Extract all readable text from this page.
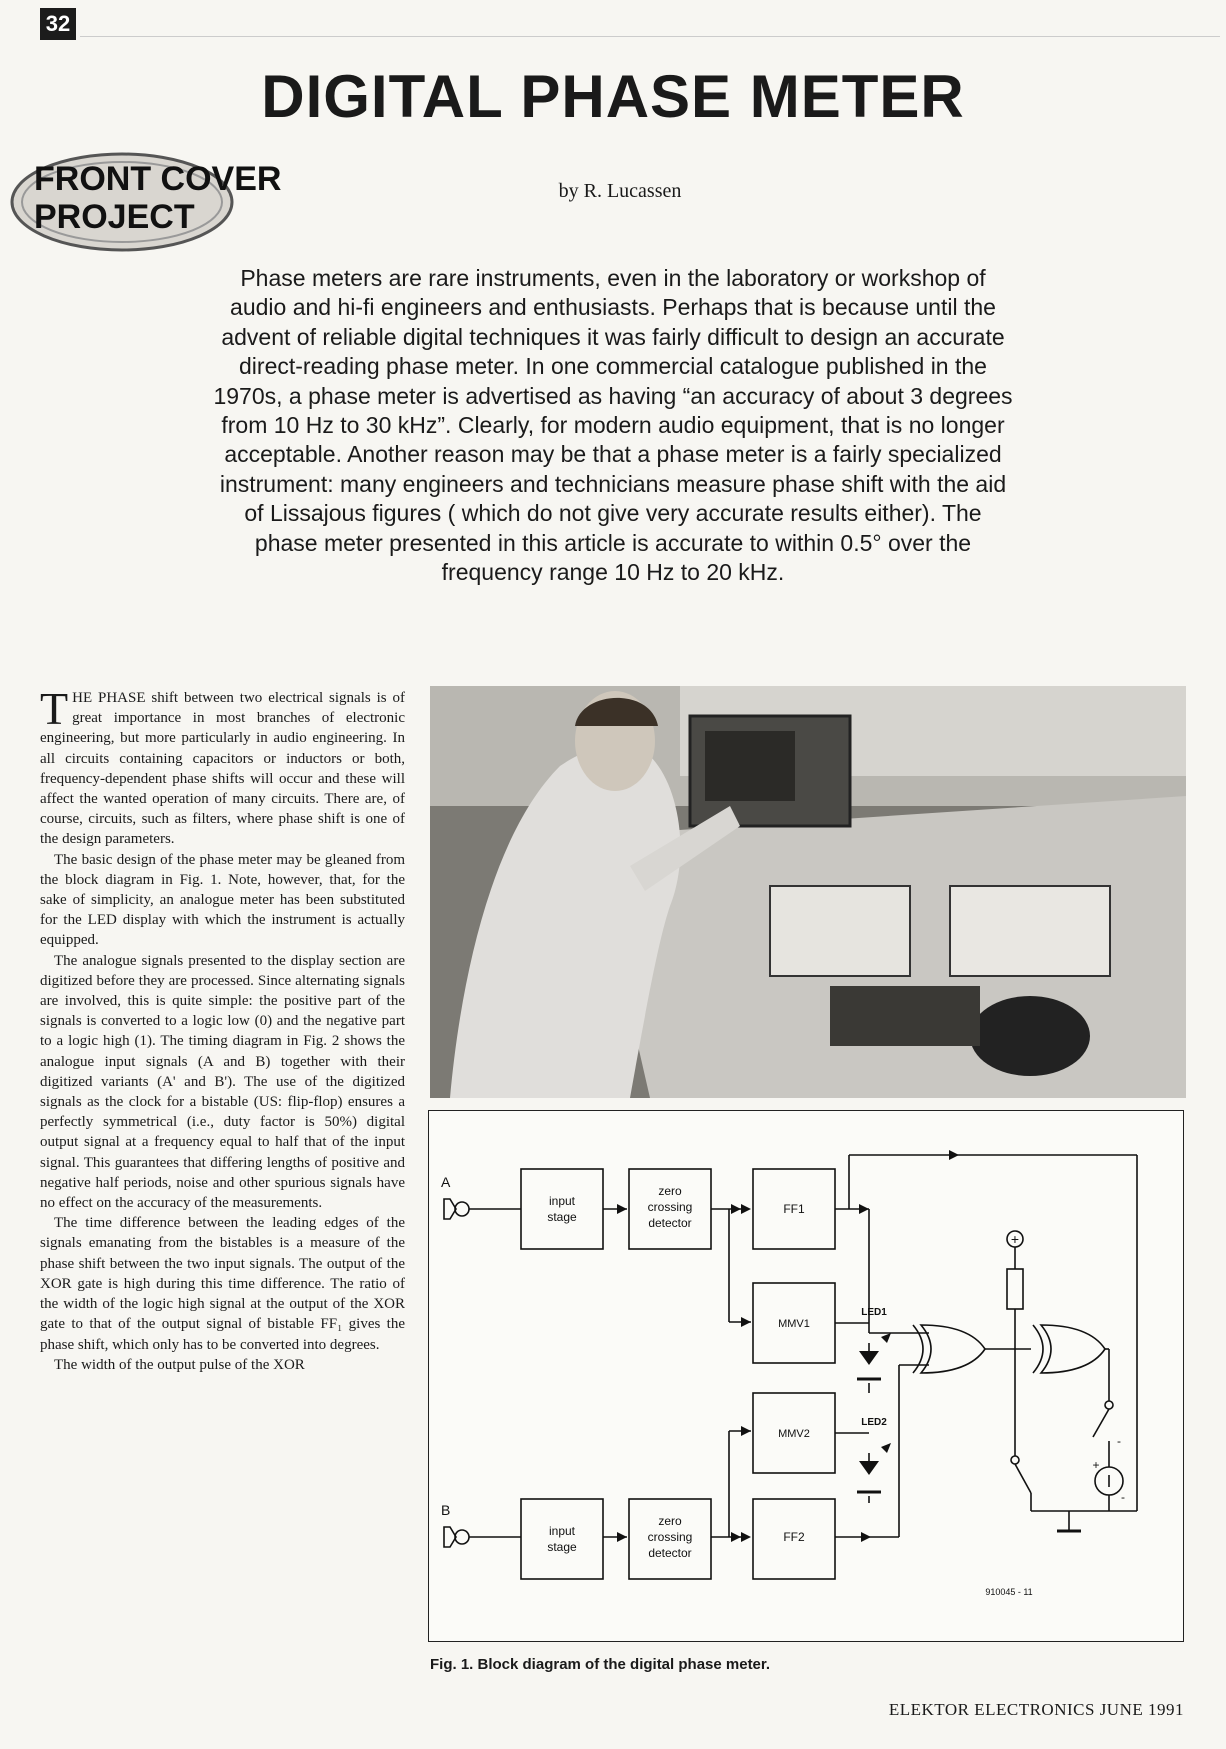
32
DIGITAL PHASE METER
FRONT COVER
PROJECT
by R. Lucassen
Phase meters are rare instruments, even in the laboratory or workshop of audio and hi-fi engineers and enthusiasts. Perhaps that is because until the advent of reliable digital techniques it was fairly difficult to design an accurate direct-reading phase meter. In one commercial catalogue published in the 1970s, a phase meter is advertised as having “an accuracy of about 3 degrees from 10 Hz to 30 kHz”. Clearly, for modern audio equipment, that is no longer acceptable. Another reason may be that a phase meter is a fairly specialized instrument: many engineers and technicians measure phase shift with the aid of Lissajous figures ( which do not give very accurate results either). The phase meter presented in this article is accurate to within 0.5° over the frequency range 10 Hz to 20 kHz.

THE PHASE shift between two electrical signals is of great importance in most branches of electronic engineering, but more particularly in audio engineering. In all circuits containing capacitors or inductors or both, frequency-dependent phase shifts will occur and these will affect the wanted operation of many circuits. There are, of course, circuits, such as filters, where phase shift is one of the design parameters.

The basic design of the phase meter may be gleaned from the block diagram in Fig. 1. Note, however, that, for the sake of simplicity, an analogue meter has been substituted for the LED display with which the instrument is actually equipped.

The analogue signals presented to the display section are digitized before they are processed. Since alternating signals are involved, this is quite simple: the positive part of the signals is converted to a logic low (0) and the negative part to a logic high (1). The timing diagram in Fig. 2 shows the analogue input signals (A and B) together with their digitized variants (A' and B'). The use of the digitized signals as the clock for a bistable (US: flip-flop) ensures a perfectly symmetrical (i.e., duty factor is 50%) digital output signal at a frequency equal to half that of the input signal. This guarantees that differing lengths of positive and negative half periods, noise and other spurious signals have no effect on the accuracy of the measurements.

The time difference between the leading edges of the signals emanating from the bistables is a measure of the phase shift between the two input signals. The output of the XOR gate is high during this time difference. The ratio of the width of the logic high signal at the output of the XOR gate to that of the output signal of bistable FF₁ gives the phase shift, which only has to be converted into degrees.

The width of the output pulse of the XOR

A
B
input
stage
zero
crossing
detector
FF1
MMV1
MMV2
FF2
input
stage
zero
crossing
detector
LED1
LED2
+
+
-
-
910045 - 11
Fig. 1. Block diagram of the digital phase meter.
ELEKTOR ELECTRONICS JUNE 1991
